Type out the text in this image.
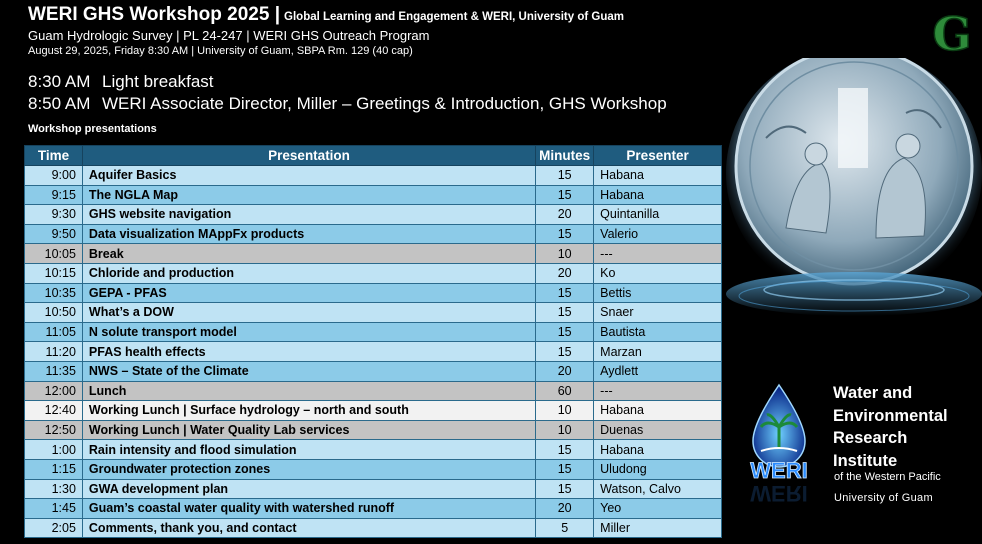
WERI GHS Workshop 2025 | Global Learning and Engagement & WERI, University of Guam
Guam Hydrologic Survey | PL 24-247 | WERI GHS Outreach Program
August 29, 2025, Friday 8:30 AM | University of Guam, SBPA Rm. 129 (40 cap)
8:30 AM Light breakfast
8:50 AM WERI Associate Director, Miller – Greetings & Introduction, GHS Workshop
Workshop presentations
Time	Presentation	Minutes	Presenter
9:00	Aquifer Basics	15	Habana
9:15	The NGLA Map	15	Habana
9:30	GHS website navigation	20	Quintanilla
9:50	Data visualization MAppFx products	15	Valerio
10:05	Break	10	---
10:15	Chloride and production	20	Ko
10:35	GEPA - PFAS	15	Bettis
10:50	What’s a DOW	15	Snaer
11:05	N solute transport model	15	Bautista
11:20	PFAS health effects	15	Marzan
11:35	NWS – State of the Climate	20	Aydlett
12:00	Lunch	60	---
12:40	Working Lunch | Surface hydrology – north and south	10	Habana
12:50	Working Lunch | Water Quality Lab services	10	Duenas
1:00	Rain intensity and flood simulation	15	Habana
1:15	Groundwater protection zones	15	Uludong
1:30	GWA development plan	15	Watson, Calvo
1:45	Guam’s coastal water quality with watershed runoff	20	Yeo
2:05	Comments, thank you, and contact	5	Miller
G
WERI
WERI
Water and
Environmental
Research
Institute
of the Western Pacific
University of Guam
